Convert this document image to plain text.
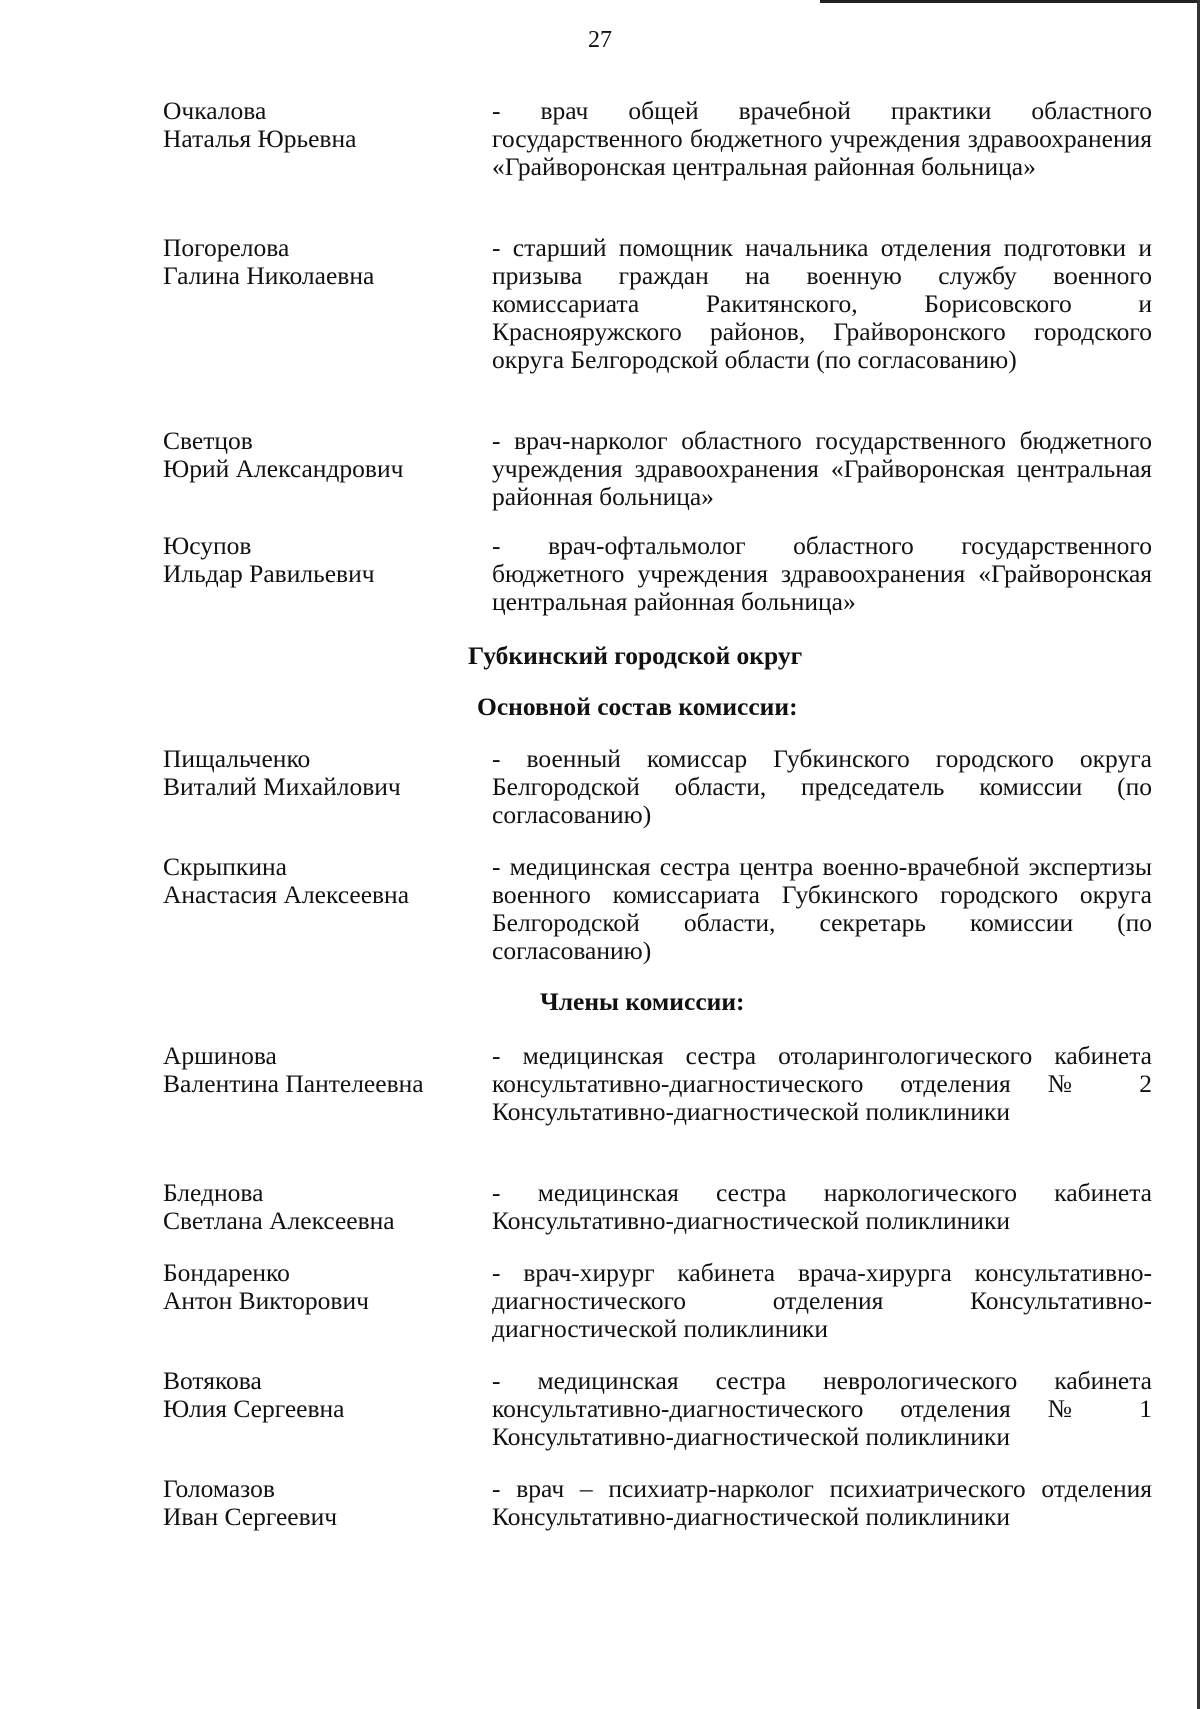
27
Очкалова
Наталья Юрьевна
- врач общей врачебной практики областного государственного бюджетного учреждения здравоохранения «Грайворонская центральная районная больница»
Погорелова
Галина Николаевна
- старший помощник начальника отделения подготовки и призыва граждан на военную службу военного комиссариата Ракитянского, Борисовского и Краснояружского районов, Грайворонского городского округа Белгородской области (по согласованию)
Светцов
Юрий Александрович
- врач-нарколог областного государственного бюджетного учреждения здравоохранения «Грайворонская центральная районная больница»
Юсупов
Ильдар Равильевич
- врач-офтальмолог областного государственного бюджетного учреждения здравоохранения «Грайворонская центральная районная больница»
Губкинский городской округ
Основной состав комиссии:
Пищальченко
Виталий Михайлович
- военный комиссар Губкинского городского округа Белгородской области, председатель комиссии (по согласованию)
Скрыпкина
Анастасия Алексеевна
- медицинская сестра центра военно-врачебной экспертизы военного комиссариата Губкинского городского округа Белгородской области, секретарь комиссии (по согласованию)
Члены комиссии:
Аршинова
Валентина Пантелеевна
- медицинская сестра отоларингологического кабинета консультативно-диагностического отделения № 2 Консультативно-диагностической поликлиники
Бледнова
Светлана Алексеевна
- медицинская сестра наркологического кабинета Консультативно-диагностической поликлиники
Бондаренко
Антон Викторович
- врач-хирург кабинета врача-хирурга консультативно-диагностического отделения Консультативно-диагностической поликлиники
Вотякова
Юлия Сергеевна
- медицинская сестра неврологического кабинета консультативно-диагностического отделения № 1 Консультативно-диагностической поликлиники
Голомазов
Иван Сергеевич
- врач – психиатр-нарколог психиатрического отделения Консультативно-диагностической поликлиники
